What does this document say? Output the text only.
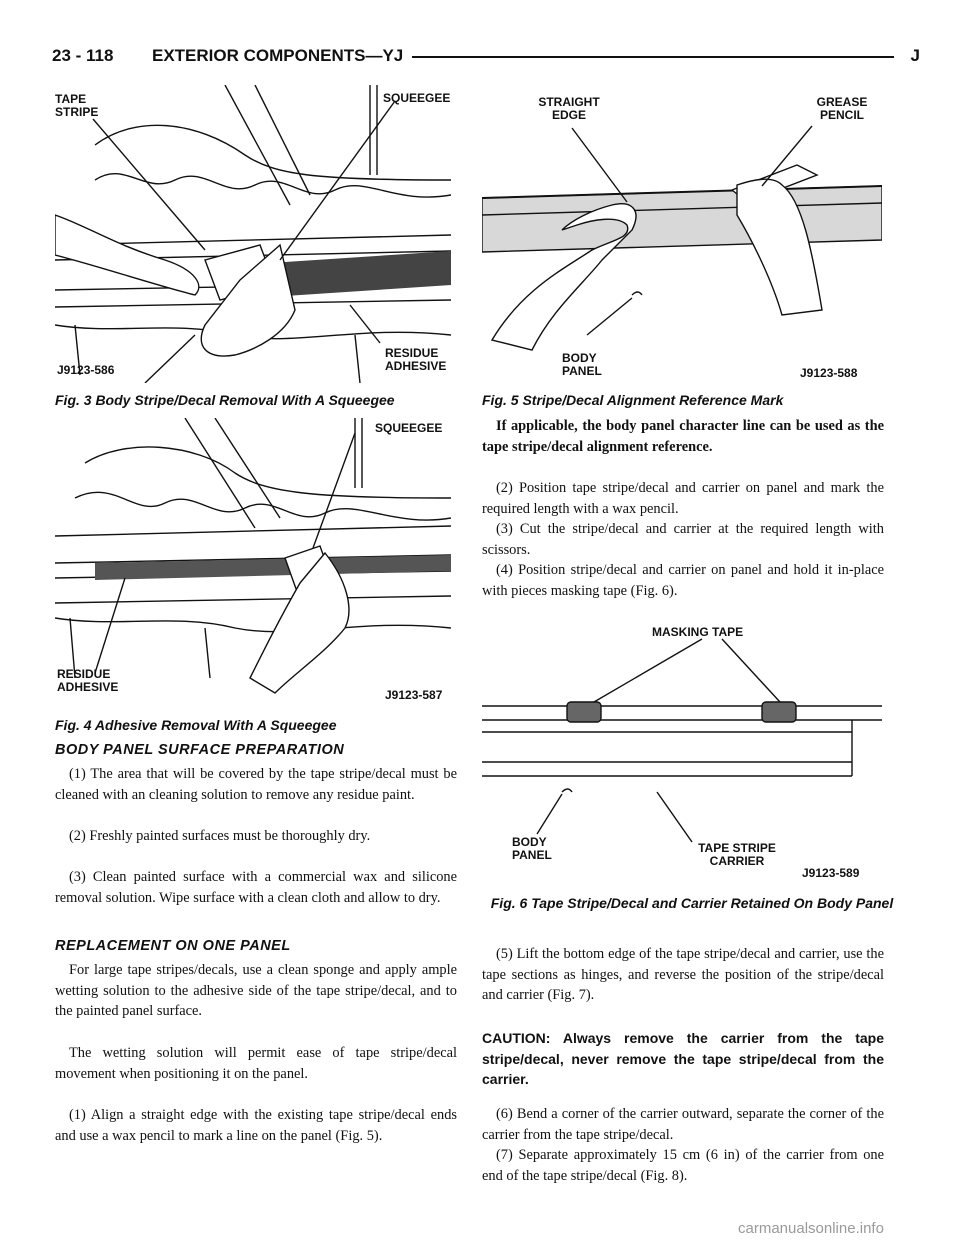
23 - 118 EXTERIOR COMPONENTS—YJ	J
TAPE STRIPE
SQUEEGEE
RESIDUE ADHESIVE
J9123-586
Fig. 3 Body Stripe/Decal Removal With A Squeegee
SQUEEGEE
RESIDUE ADHESIVE
J9123-587
Fig. 4 Adhesive Removal With A Squeegee
BODY PANEL SURFACE PREPARATION

(1) The area that will be covered by the tape stripe/decal must be cleaned with an cleaning solution to remove any residue paint.

(2) Freshly painted surfaces must be thoroughly dry.

(3) Clean painted surface with a commercial wax and silicone removal solution. Wipe surface with a clean cloth and allow to dry.

REPLACEMENT ON ONE PANEL

For large tape stripes/decals, use a clean sponge and apply ample wetting solution to the adhesive side of the tape stripe/decal, and to the painted panel surface.

The wetting solution will permit ease of tape stripe/decal movement when positioning it on the panel.

(1) Align a straight edge with the existing tape stripe/decal ends and use a wax pencil to mark a line on the panel (Fig. 5).

STRAIGHT EDGE
GREASE PENCIL
BODY PANEL	J9123-588
Fig. 5 Stripe/Decal Alignment Reference Mark

If applicable, the body panel character line can be used as the tape stripe/decal alignment reference.

(2) Position tape stripe/decal and carrier on panel and mark the required length with a wax pencil.

(3) Cut the stripe/decal and carrier at the required length with scissors.

(4) Position stripe/decal and carrier on panel and hold it in-place with pieces masking tape (Fig. 6).

MASKING TAPE
BODY PANEL	TAPE STRIPE CARRIER
J9123-589
Fig. 6 Tape Stripe/Decal and Carrier Retained On Body Panel

(5) Lift the bottom edge of the tape stripe/decal and carrier, use the tape sections as hinges, and reverse the position of the stripe/decal and carrier (Fig. 7).

CAUTION: Always remove the carrier from the tape stripe/decal, never remove the tape stripe/decal from the carrier.

(6) Bend a corner of the carrier outward, separate the corner of the carrier from the tape stripe/decal.

(7) Separate approximately 15 cm (6 in) of the carrier from one end of the tape stripe/decal (Fig. 8).

carmanualsonline.info
